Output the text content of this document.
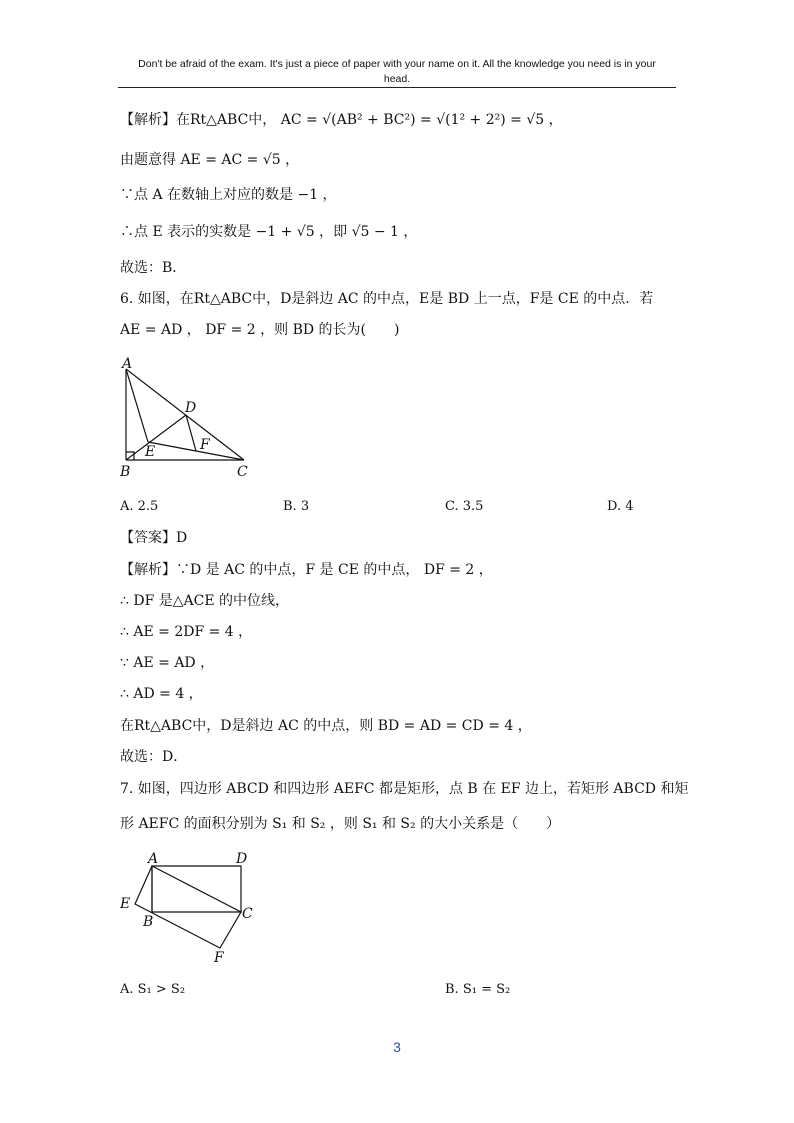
Don't be afraid of the exam. It's just a piece of paper with your name on it. All the knowledge you need is in your
head.
【解析】在Rt△ABC中， AC = √(AB² + BC²) = √(1² + 2²) = √5 ，
由题意得 AE = AC = √5 ，
∵点 A 在数轴上对应的数是 −1 ，
∴点 E 表示的实数是 −1 + √5 ，即 √5 − 1 ，
故选：B．
6. 如图，在Rt△ABC中，D是斜边 AC 的中点，E是 BD 上一点，F是 CE 的中点．若
AE = AD ， DF = 2 ，则 BD 的长为(　　)
A
B	C
D
E	F
A. 2.5	B. 3	C. 3.5	D. 4
【答案】D
【解析】∵D 是 AC 的中点，F 是 CE 的中点， DF = 2 ，
∴ DF 是△ACE 的中位线，
∴ AE = 2DF = 4 ，
∵ AE = AD ，
∴ AD = 4 ，
在Rt△ABC中，D是斜边 AC 的中点，则 BD = AD = CD = 4 ，
故选：D．
7. 如图，四边形 ABCD 和四边形 AEFC 都是矩形，点 B 在 EF 边上，若矩形 ABCD 和矩
形 AEFC 的面积分别为 S₁ 和 S₂ ，则 S₁ 和 S₂ 的大小关系是（　　）
A	D
E
B	C
F
A. S₁ > S₂	B. S₁ = S₂
3
